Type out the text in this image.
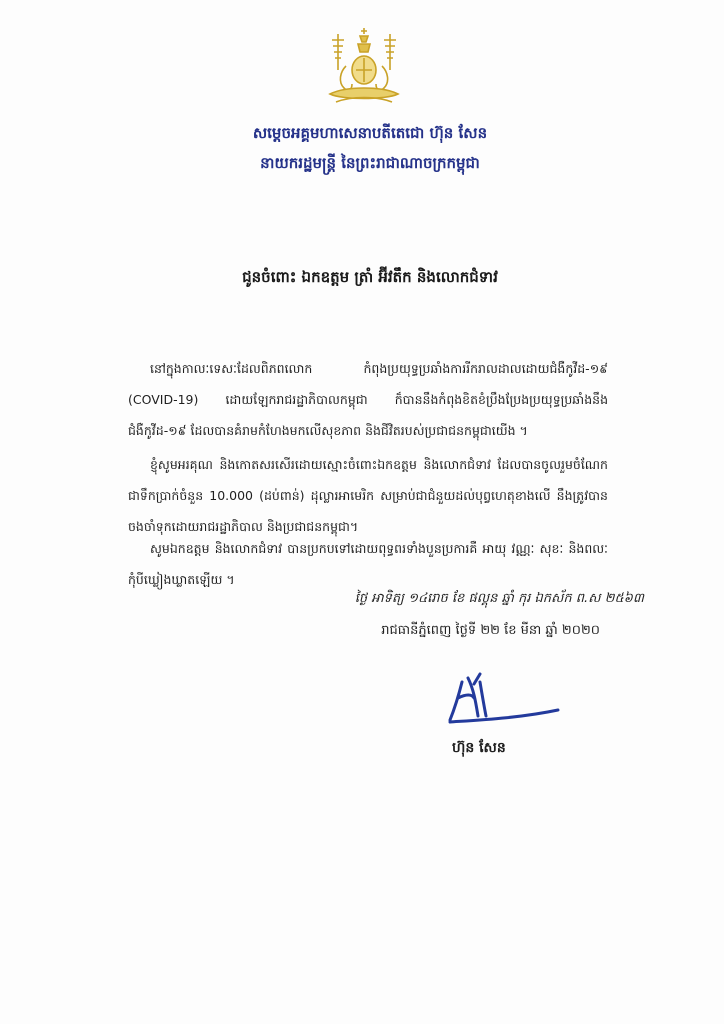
សម្តេចអគ្គមហាសេនាបតីតេជោ ហ៊ុន សែន
នាយករដ្ឋមន្ត្រី នៃព្រះរាជាណាចក្រកម្ពុជា
ជូនចំពោះ ឯកឧត្តម ត្រាំ អ៊ីវតឹក និងលោកជំទាវ

នៅក្នុងកាលៈទេសៈដែលពិភពលោក កំពុងប្រយុទ្ធប្រឆាំងការរីករាលដាលដោយជំងឺកូវីដ-១៩ (COVID-19) ដោយឡែករាជរដ្ឋាភិបាលកម្ពុជា ក៏បាននឹងកំពុងខិតខំប្រឹងប្រែងប្រយុទ្ធប្រឆាំងនឹងជំងឺកូវីដ-១៩ ដែលបានគំរាមកំហែងមកលើសុខភាព និងជីវិតរបស់ប្រជាជនកម្ពុជាយើង ។

ខ្ញុំសូមអរគុណ និងកោតសរសើរដោយស្មោះចំពោះឯកឧត្តម និងលោកជំទាវ ដែលបានចូលរួមចំណែកជាទឹកប្រាក់ចំនួន 10.000 (ដប់ពាន់) ដុល្លារអាមេរិក សម្រាប់ជាជំនួយដល់បុព្វហេតុខាងលើ នឹងត្រូវបានចងចាំទុកដោយរាជរដ្ឋាភិបាល និងប្រជាជនកម្ពុជា។

សូមឯកឧត្តម និងលោកជំទាវ បានប្រកបទៅដោយពុទ្ធពរទាំងបួនប្រការគឺ អាយុ វណ្ណៈ សុខៈ និងពលៈ កុំបីឃ្លៀងឃ្លាតឡើយ ។

ថ្ងៃ អាទិត្យ ១៤រោច ខែ ផល្គុន ឆ្នាំ កុរ ឯកស័ក ព.ស ២៥៦៣
រាជធានីភ្នំពេញ ថ្ងៃទី ២២ ខែ មីនា ឆ្នាំ ២០២០
ហ៊ុន សែន
